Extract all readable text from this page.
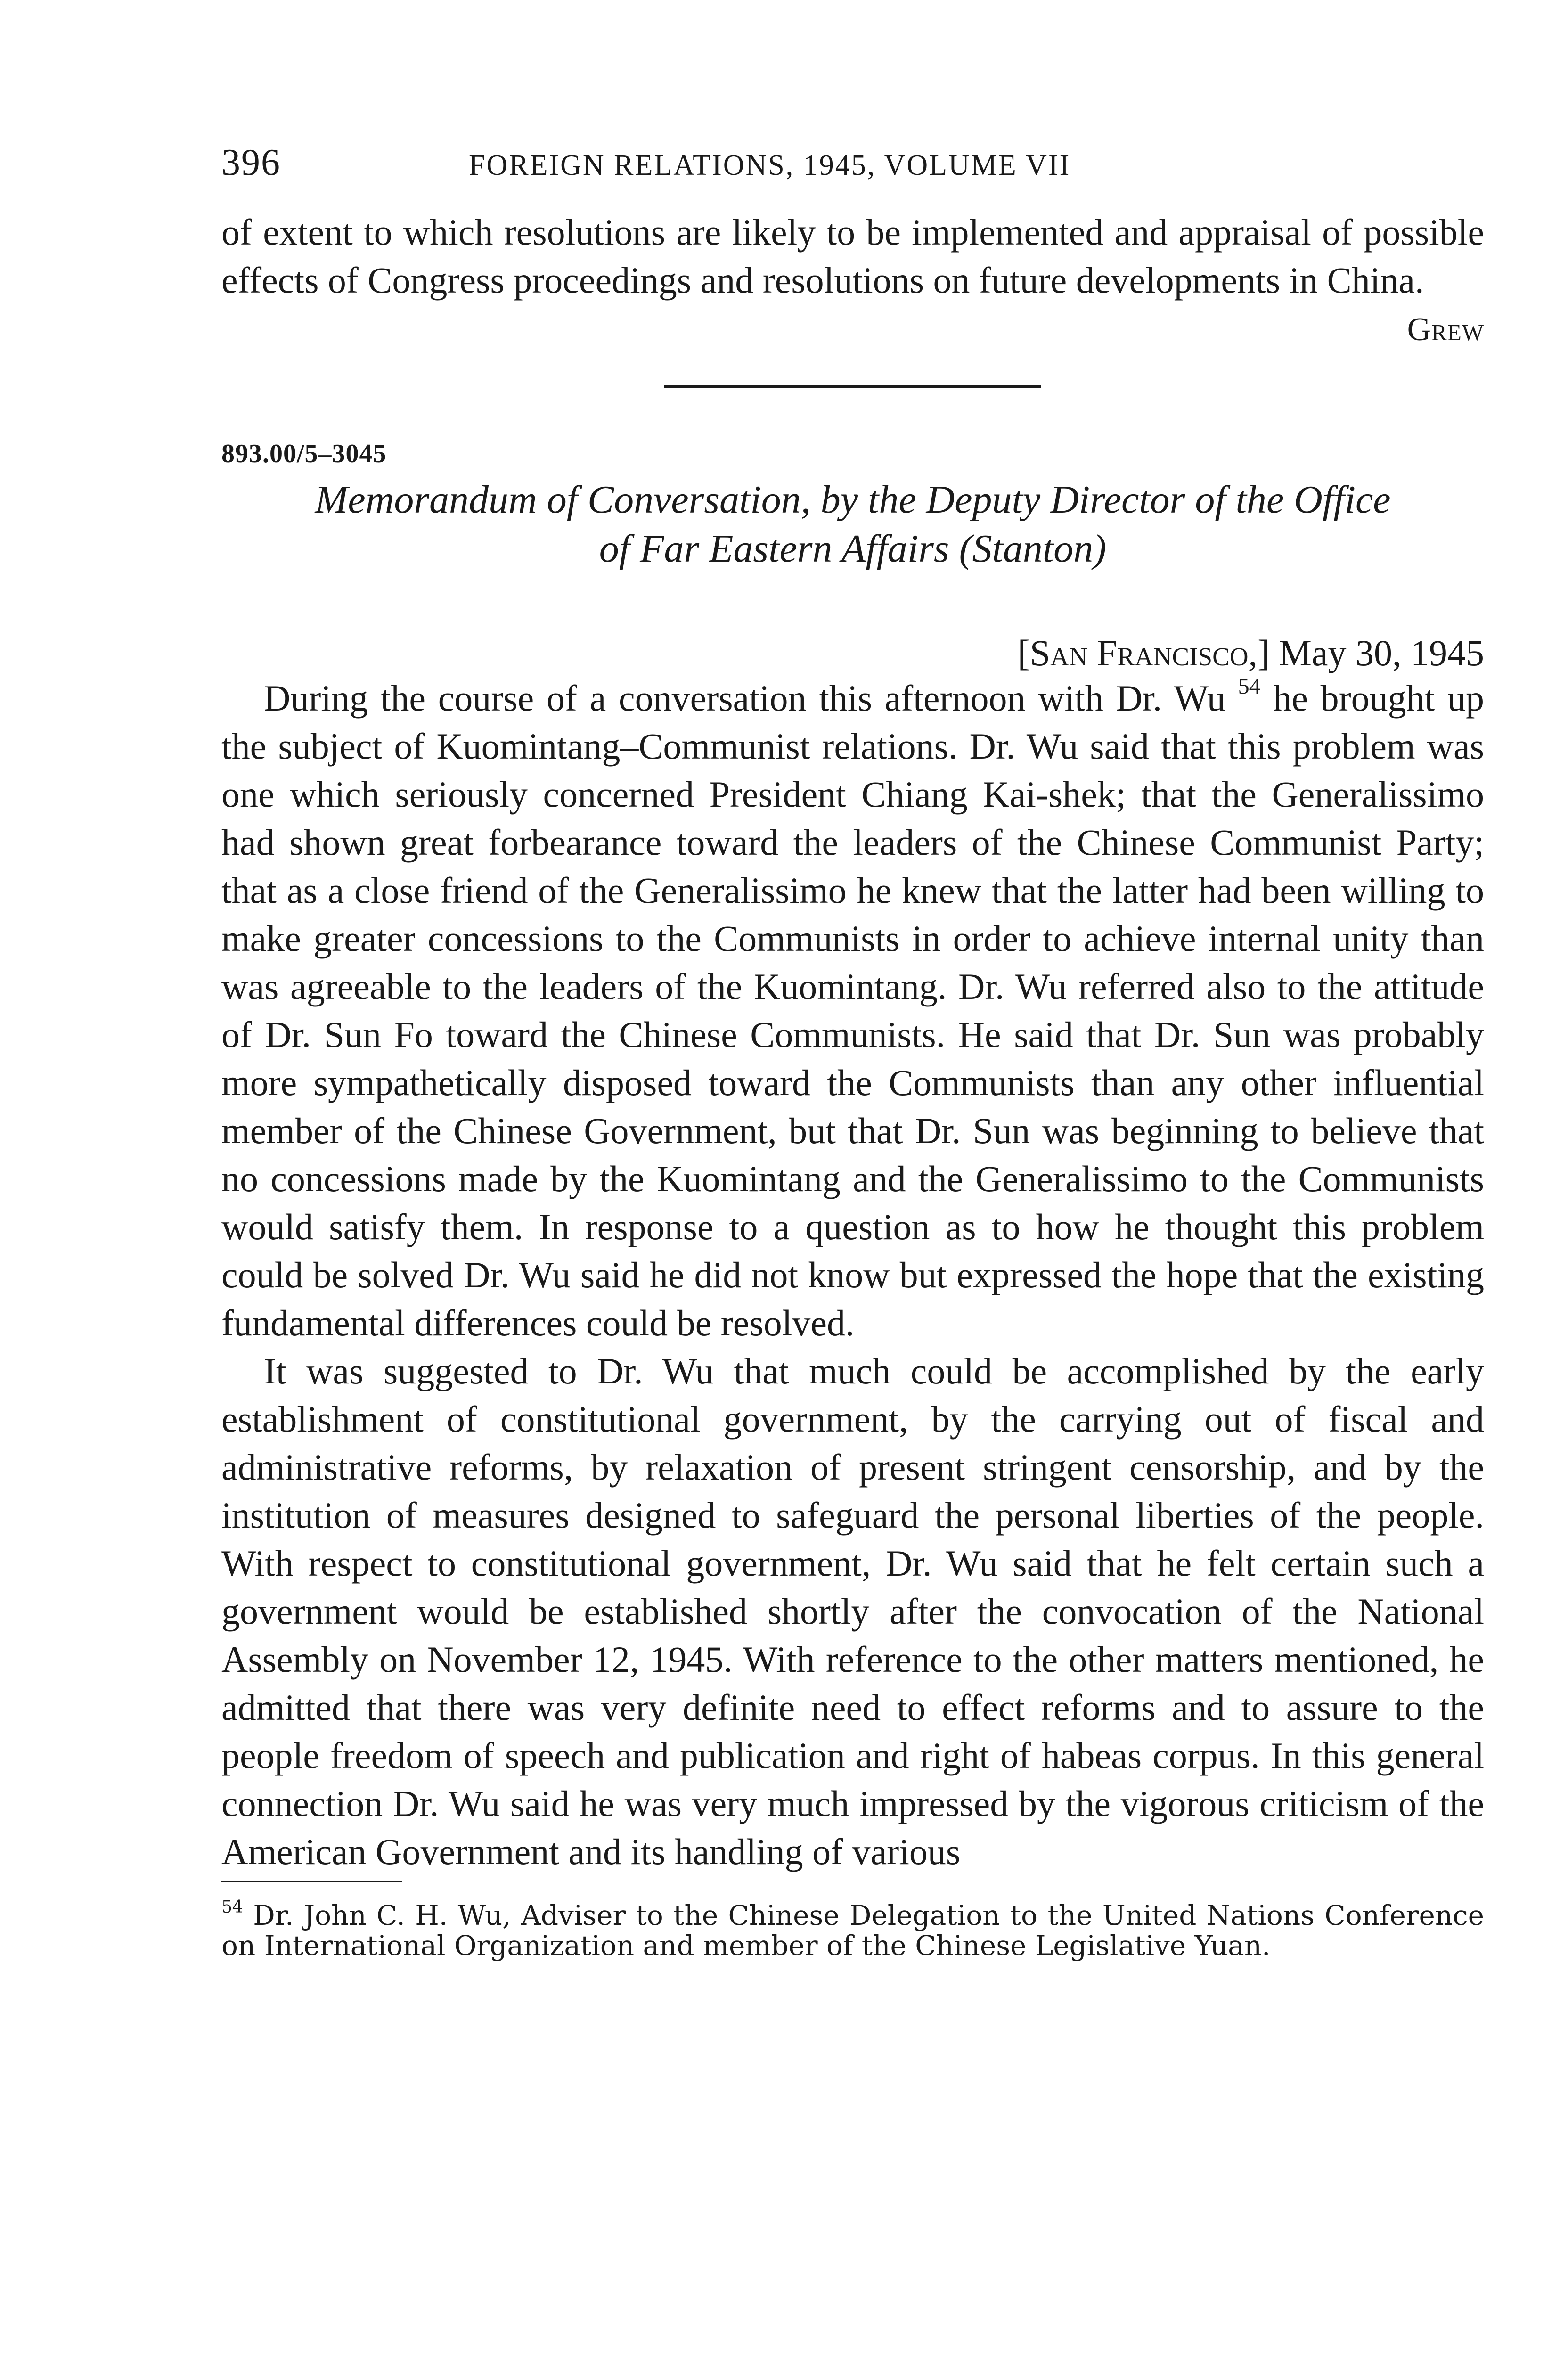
396	FOREIGN RELATIONS, 1945, VOLUME VII

of extent to which resolutions are likely to be implemented and appraisal of possible effects of Congress proceedings and resolutions on future developments in China.

Grew
893.00/5–3045
Memorandum of Conversation, by the Deputy Director of the Office
of Far Eastern Affairs (Stanton)
[San Francisco,] May 30, 1945

During the course of a conversation this afternoon with Dr. Wu $^{54}$ he brought up the subject of Kuomintang–Communist relations. Dr. Wu said that this problem was one which seriously concerned President Chiang Kai-shek; that the Generalissimo had shown great forbearance toward the leaders of the Chinese Communist Party; that as a close friend of the Generalissimo he knew that the latter had been willing to make greater concessions to the Communists in order to achieve internal unity than was agreeable to the leaders of the Kuomintang. Dr. Wu referred also to the attitude of Dr. Sun Fo toward the Chinese Communists. He said that Dr. Sun was probably more sympathetically disposed toward the Communists than any other influential member of the Chinese Government, but that Dr. Sun was beginning to believe that no concessions made by the Kuomintang and the Generalissimo to the Communists would satisfy them. In response to a question as to how he thought this problem could be solved Dr. Wu said he did not know but expressed the hope that the existing fundamental differences could be resolved.

It was suggested to Dr. Wu that much could be accomplished by the early establishment of constitutional government, by the carrying out of fiscal and administrative reforms, by relaxation of present stringent censorship, and by the institution of measures designed to safeguard the personal liberties of the people. With respect to constitutional government, Dr. Wu said that he felt certain such a government would be established shortly after the convocation of the National Assembly on November 12, 1945. With reference to the other matters mentioned, he admitted that there was very definite need to effect reforms and to assure to the people freedom of speech and publication and right of habeas corpus. In this general connection Dr. Wu said he was very much impressed by the vigorous criticism of the American Government and its handling of various

$^{54}$ Dr. John C. H. Wu, Adviser to the Chinese Delegation to the United Nations Conference on International Organization and member of the Chinese Legislative Yuan.
